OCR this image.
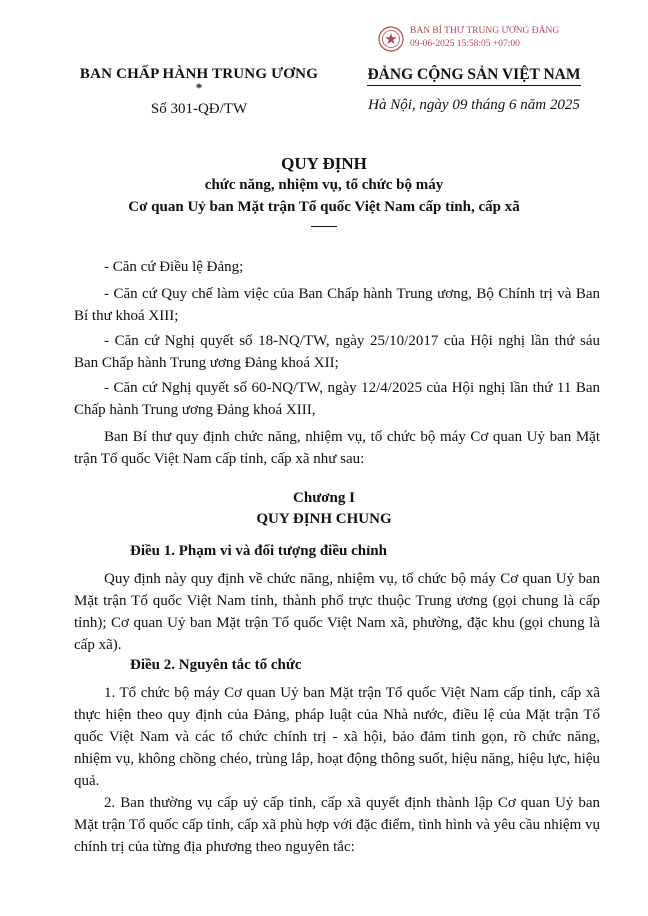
BAN BÍ THƯ TRUNG ƯƠNG ĐẢNG
09-06-2025 15:58:05 +07:00
BAN CHẤP HÀNH TRUNG ƯƠNG
*
Số 301-QĐ/TW
ĐẢNG CỘNG SẢN VIỆT NAM
Hà Nội, ngày 09 tháng 6 năm 2025
QUY ĐỊNH
chức năng, nhiệm vụ, tổ chức bộ máy
Cơ quan Uỷ ban Mặt trận Tổ quốc Việt Nam cấp tỉnh, cấp xã
- Căn cứ Điều lệ Đảng;
- Căn cứ Quy chế làm việc của Ban Chấp hành Trung ương, Bộ Chính trị và Ban Bí thư khoá XIII;
- Căn cứ Nghị quyết số 18-NQ/TW, ngày 25/10/2017 của Hội nghị lần thứ sáu Ban Chấp hành Trung ương Đảng khoá XII;
- Căn cứ Nghị quyết số 60-NQ/TW, ngày 12/4/2025 của Hội nghị lần thứ 11 Ban Chấp hành Trung ương Đảng khoá XIII,
Ban Bí thư quy định chức năng, nhiệm vụ, tổ chức bộ máy Cơ quan Uỷ ban Mặt trận Tổ quốc Việt Nam cấp tỉnh, cấp xã như sau:
Chương I
QUY ĐỊNH CHUNG
Điều 1. Phạm vi và đối tượng điều chỉnh
Quy định này quy định về chức năng, nhiệm vụ, tổ chức bộ máy Cơ quan Uỷ ban Mặt trận Tổ quốc Việt Nam tỉnh, thành phố trực thuộc Trung ương (gọi chung là cấp tỉnh); Cơ quan Uỷ ban Mặt trận Tổ quốc Việt Nam xã, phường, đặc khu (gọi chung là cấp xã).
Điều 2. Nguyên tắc tổ chức
1. Tổ chức bộ máy Cơ quan Uỷ ban Mặt trận Tổ quốc Việt Nam cấp tỉnh, cấp xã thực hiện theo quy định của Đảng, pháp luật của Nhà nước, điều lệ của Mặt trận Tổ quốc Việt Nam và các tổ chức chính trị - xã hội, bảo đảm tinh gọn, rõ chức năng, nhiệm vụ, không chồng chéo, trùng lắp, hoạt động thông suốt, hiệu năng, hiệu lực, hiệu quả.
2. Ban thường vụ cấp uỷ cấp tỉnh, cấp xã quyết định thành lập Cơ quan Uỷ ban Mặt trận Tổ quốc cấp tỉnh, cấp xã phù hợp với đặc điểm, tình hình và yêu cầu nhiệm vụ chính trị của từng địa phương theo nguyên tắc:
